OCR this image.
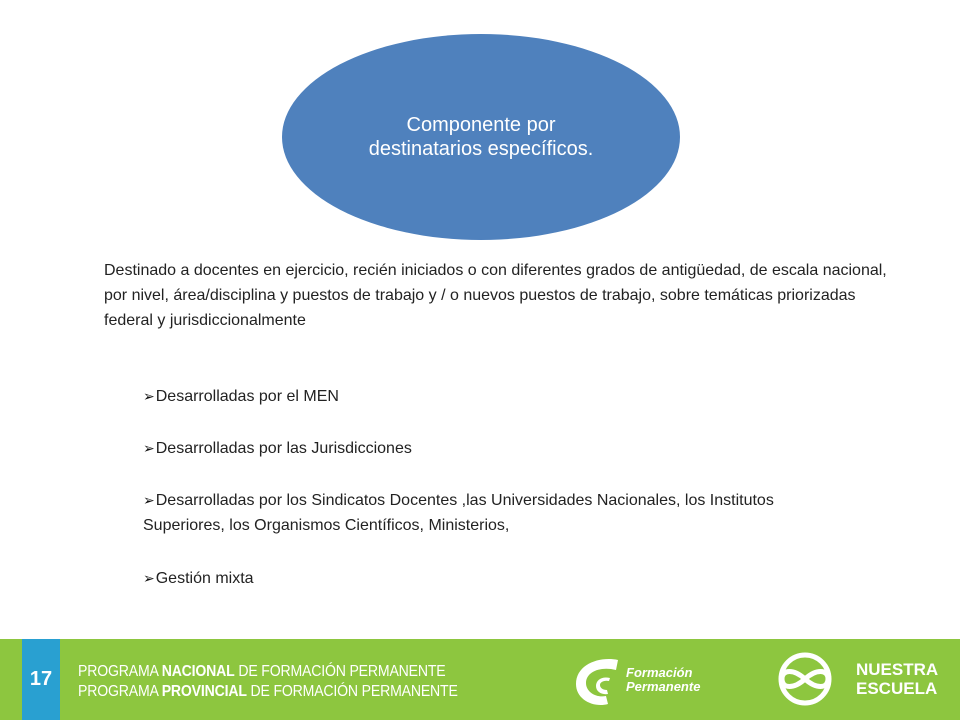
Componente por
destinatarios específicos.
Destinado a docentes en ejercicio, recién iniciados o con diferentes grados de antigüedad, de escala nacional, por nivel, área/disciplina y puestos de trabajo y / o nuevos puestos de trabajo, sobre temáticas priorizadas federal y jurisdiccionalmente

➢Desarrolladas por el MEN

➢Desarrolladas por las Jurisdicciones

➢Desarrolladas por los Sindicatos Docentes ,las Universidades Nacionales, los Institutos Superiores, los Organismos Científicos, Ministerios,

➢Gestión mixta

17	PROGRAMA NACIONAL DE FORMACIÓN PERMANENTE
PROGRAMA PROVINCIAL DE FORMACIÓN PERMANENTE
Formación
Permanente
NUESTRA
ESCUELA
